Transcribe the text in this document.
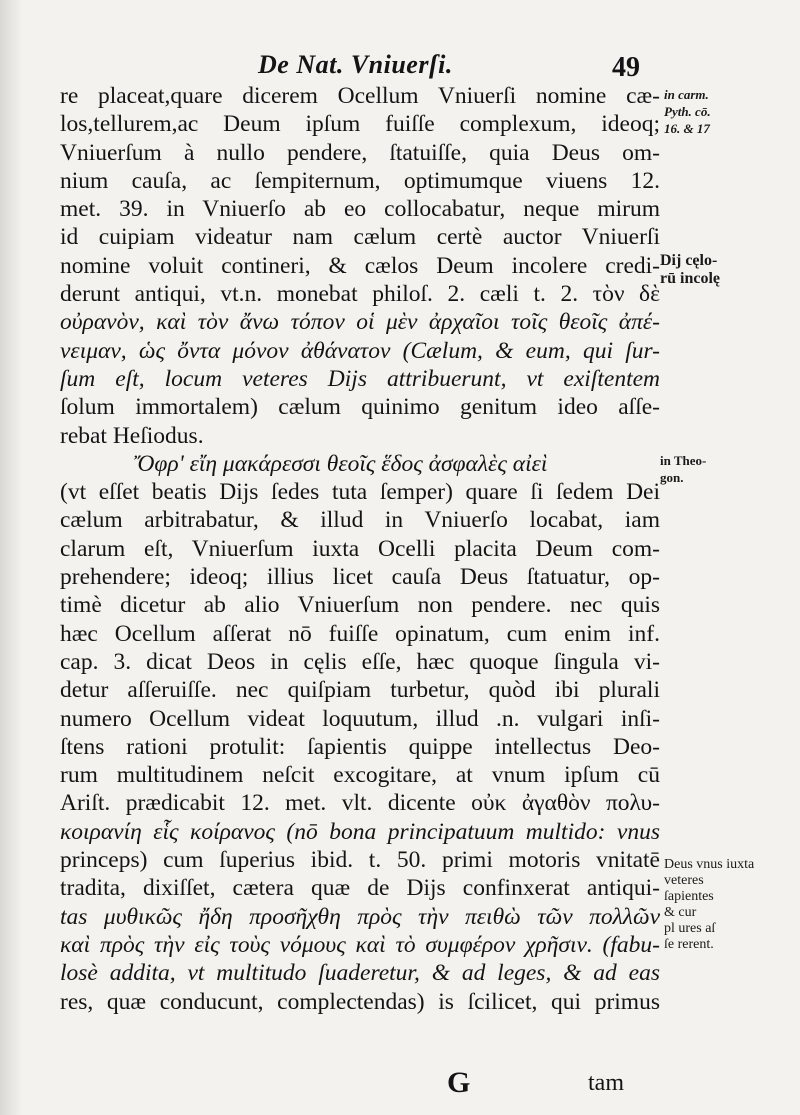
De Nat. Vniuerſi.	49
re placeat,quare dicerem Ocellum Vniuerſi nomine cæ-
los,tellurem,ac Deum ipſum fuiſſe complexum, ideoq;
Vniuerſum à nullo pendere, ſtatuiſſe, quia Deus om-
nium cauſa, ac ſempiternum, optimumque viuens 12.
met. 39. in Vniuerſo ab eo collocabatur, neque mirum
id cuipiam videatur nam cælum certè auctor Vniuerſi
nomine voluit contineri, & cælos Deum incolere credi-
derunt antiqui, vt.n. monebat philoſ. 2. cæli t. 2. τὸν δὲ
οὐρανὸν, καὶ τὸν ἄνω τόπον οἱ μὲν ἀρχαῖοι τοῖς θεοῖς ἀπέ-
νειμαν, ὡς ὄντα μόνον ἀθάνατον (Cælum, & eum, qui ſur-
ſum eſt, locum veteres Dijs attribuerunt, vt exiſtentem
ſolum immortalem) cælum quinimo genitum ideo aſſe-
rebat Heſiodus.
Ὄφρ' εἴη μακάρεσσι θεοῖς ἕδος ἀσφαλὲς αἰεὶ
(vt eſſet beatis Dijs ſedes tuta ſemper) quare ſi ſedem Dei
cælum arbitrabatur, & illud in Vniuerſo locabat, iam
clarum eſt, Vniuerſum iuxta Ocelli placita Deum com-
prehendere; ideoq; illius licet cauſa Deus ſtatuatur, op-
timè dicetur ab alio Vniuerſum non pendere. nec quis
hæc Ocellum aſſerat nō fuiſſe opinatum, cum enim inf.
cap. 3. dicat Deos in cęlis eſſe, hæc quoque ſingula vi-
detur aſſeruiſſe. nec quiſpiam turbetur, quòd ibi plurali
numero Ocellum videat loquutum, illud .n. vulgari inſi-
ſtens rationi protulit: ſapientis quippe intellectus Deo-
rum multitudinem neſcit excogitare, at vnum ipſum cū
Ariſt. prædicabit 12. met. vlt. dicente οὐκ ἀγαθὸν πολυ-
κοιρανίη εἷς κοίρανος (nō bona principatuum multido: vnus
princeps) cum ſuperius ibid. t. 50. primi motoris vnitatē
tradita, dixiſſet, cætera quæ de Dijs confinxerat antiqui-
tas μυθικῶς ἤδη προσῆχθη πρὸς τὴν πειθὼ τῶν πολλῶν
καὶ πρὸς τὴν εἰς τοὺς νόμους καὶ τὸ συμφέρον χρῆσιν. (fabu-
losè addita, vt multitudo ſuaderetur, & ad leges, & ad eas
res, quæ conducunt, complectendas) is ſcilicet, qui primus
in carm.
Pyth. cō.
16. & 17
Dij cęlo-
rū incolę
in Theo-
gon.
Deus vnus iuxta
veteres
ſapientes
& cur
pl ures aſ
ſe rerent.
G	tam
